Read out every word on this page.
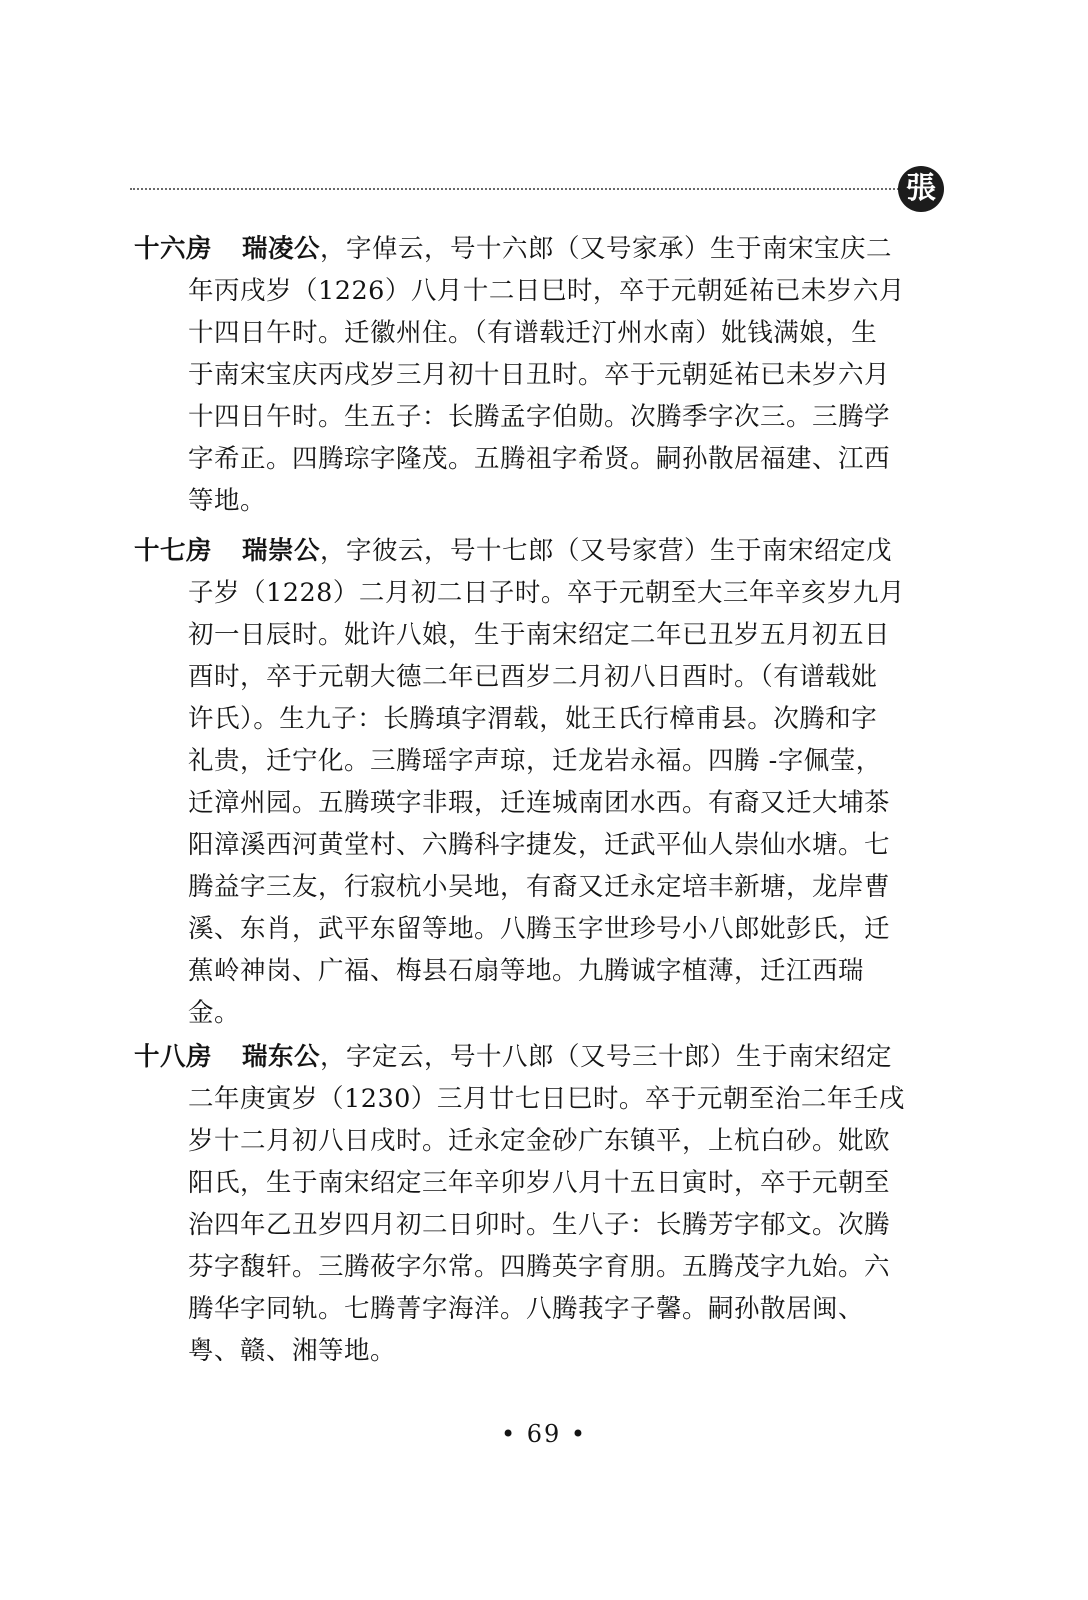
張
十六房 瑞凌公，字倬云，号十六郎（又号家承）生于南宋宝庆二
年丙戌岁（1226）八月十二日巳时，卒于元朝延祐已未岁六月
十四日午时。迁徽州住。（有谱载迁汀州水南）妣钱满娘，生
于南宋宝庆丙戌岁三月初十日丑时。卒于元朝延祐已未岁六月
十四日午时。生五子：长腾孟字伯勋。次腾季字次三。三腾学
字希正。四腾琮字隆茂。五腾祖字希贤。嗣孙散居福建、江西
等地。
十七房 瑞崇公，字彼云，号十七郎（又号家营）生于南宋绍定戊
子岁（1228）二月初二日子时。卒于元朝至大三年辛亥岁九月
初一日辰时。妣许八娘，生于南宋绍定二年已丑岁五月初五日
酉时，卒于元朝大德二年已酉岁二月初八日酉时。（有谱载妣
许氏）。生九子：长腾瑱字渭载，妣王氏行樟甫县。次腾和字
礼贵，迁宁化。三腾瑶字声琼，迁龙岩永福。四腾 -字佩莹，
迁漳州园。五腾瑛字非瑕，迁连城南团水西。有裔又迁大埔茶
阳漳溪西河黄堂村、六腾科字捷发，迁武平仙人崇仙水塘。七
腾益字三友，行寂杭小吴地，有裔又迁永定培丰新塘，龙岸曹
溪、东肖，武平东留等地。八腾玉字世珍号小八郎妣彭氏，迁
蕉岭神岗、广福、梅县石扇等地。九腾诚字植薄，迁江西瑞
金。
十八房 瑞东公，字定云，号十八郎（又号三十郎）生于南宋绍定
二年庚寅岁（1230）三月廿七日巳时。卒于元朝至治二年壬戌
岁十二月初八日戌时。迁永定金砂广东镇平，上杭白砂。妣欧
阳氏，生于南宋绍定三年辛卯岁八月十五日寅时，卒于元朝至
治四年乙丑岁四月初二日卯时。生八子：长腾芳字郁文。次腾
芬字馥轩。三腾莜字尔常。四腾英字育朋。五腾茂字九始。六
腾华字同轨。七腾菁字海洋。八腾莪字子馨。嗣孙散居闽、
粤、赣、湘等地。
• 69 •
